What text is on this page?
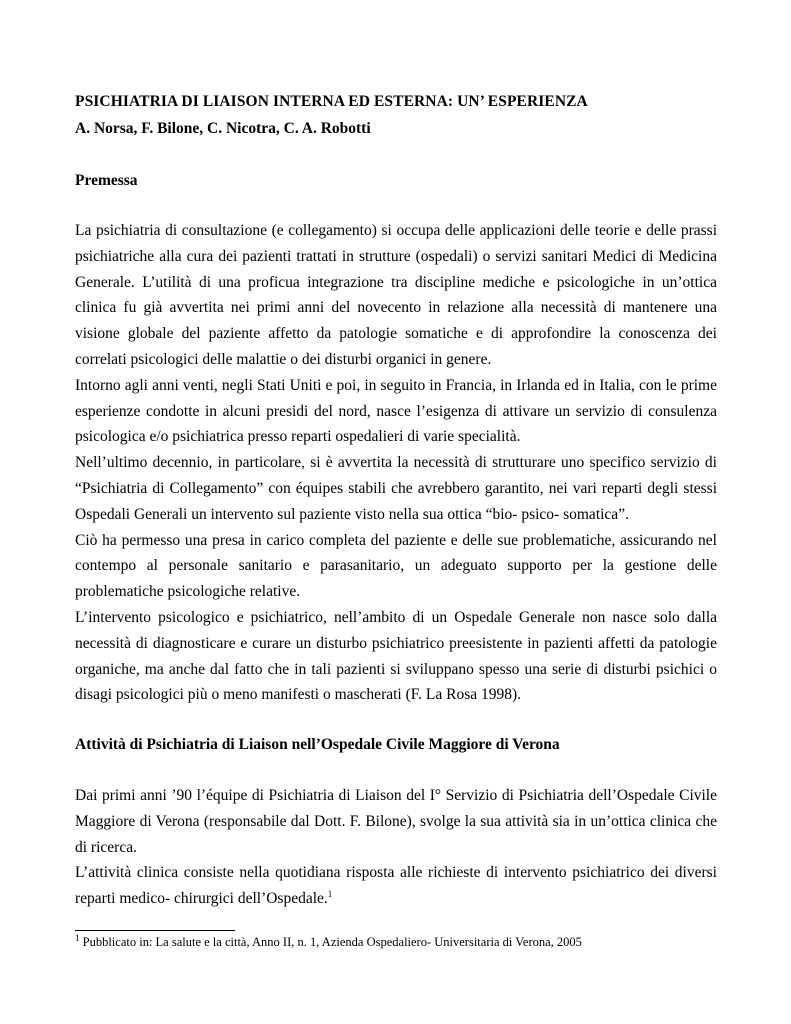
PSICHIATRIA DI LIAISON INTERNA ED ESTERNA: UN’ ESPERIENZA
A. Norsa, F. Bilone, C. Nicotra, C. A. Robotti
Premessa

La psichiatria di consultazione (e collegamento) si occupa delle applicazioni delle teorie e delle prassi psichiatriche alla cura dei pazienti trattati in strutture (ospedali) o servizi sanitari Medici di Medicina Generale. L’utilità di una proficua integrazione tra discipline mediche e psicologiche in un’ottica clinica fu già avvertita nei primi anni del novecento in relazione alla necessità di mantenere una visione globale del paziente affetto da patologie somatiche e di approfondire la conoscenza dei correlati psicologici delle malattie o dei disturbi organici in genere.

Intorno agli anni venti, negli Stati Uniti e poi, in seguito in Francia, in Irlanda ed in Italia, con le prime esperienze condotte in alcuni presidi del nord, nasce l’esigenza di attivare un servizio di consulenza psicologica e/o psichiatrica presso reparti ospedalieri di varie specialità.

Nell’ultimo decennio, in particolare, si è avvertita la necessità di strutturare uno specifico servizio di “Psichiatria di Collegamento” con équipes stabili che avrebbero garantito, nei vari reparti degli stessi Ospedali Generali un intervento sul paziente visto nella sua ottica “bio- psico- somatica”.

Ciò ha permesso una presa in carico completa del paziente e delle sue problematiche, assicurando nel contempo al personale sanitario e parasanitario, un adeguato supporto per la gestione delle problematiche psicologiche relative.

L’intervento psicologico e psichiatrico, nell’ambito di un Ospedale Generale non nasce solo dalla necessità di diagnosticare e curare un disturbo psichiatrico preesistente in pazienti affetti da patologie organiche, ma anche dal fatto che in tali pazienti si sviluppano spesso una serie di disturbi psichici o disagi psicologici più o meno manifesti o mascherati (F. La Rosa 1998).

Attività di Psichiatria di Liaison nell’Ospedale Civile Maggiore di Verona

Dai primi anni ’90 l’équipe di Psichiatria di Liaison del I° Servizio di Psichiatria dell’Ospedale Civile Maggiore di Verona (responsabile dal Dott. F. Bilone), svolge la sua attività sia in un’ottica clinica che di ricerca.

L’attività clinica consiste nella quotidiana risposta alle richieste di intervento psichiatrico dei diversi reparti medico- chirurgici dell’Ospedale.$^1$

$^1$ Pubblicato in: La salute e la città, Anno II, n. 1, Azienda Ospedaliero- Universitaria di Verona, 2005
